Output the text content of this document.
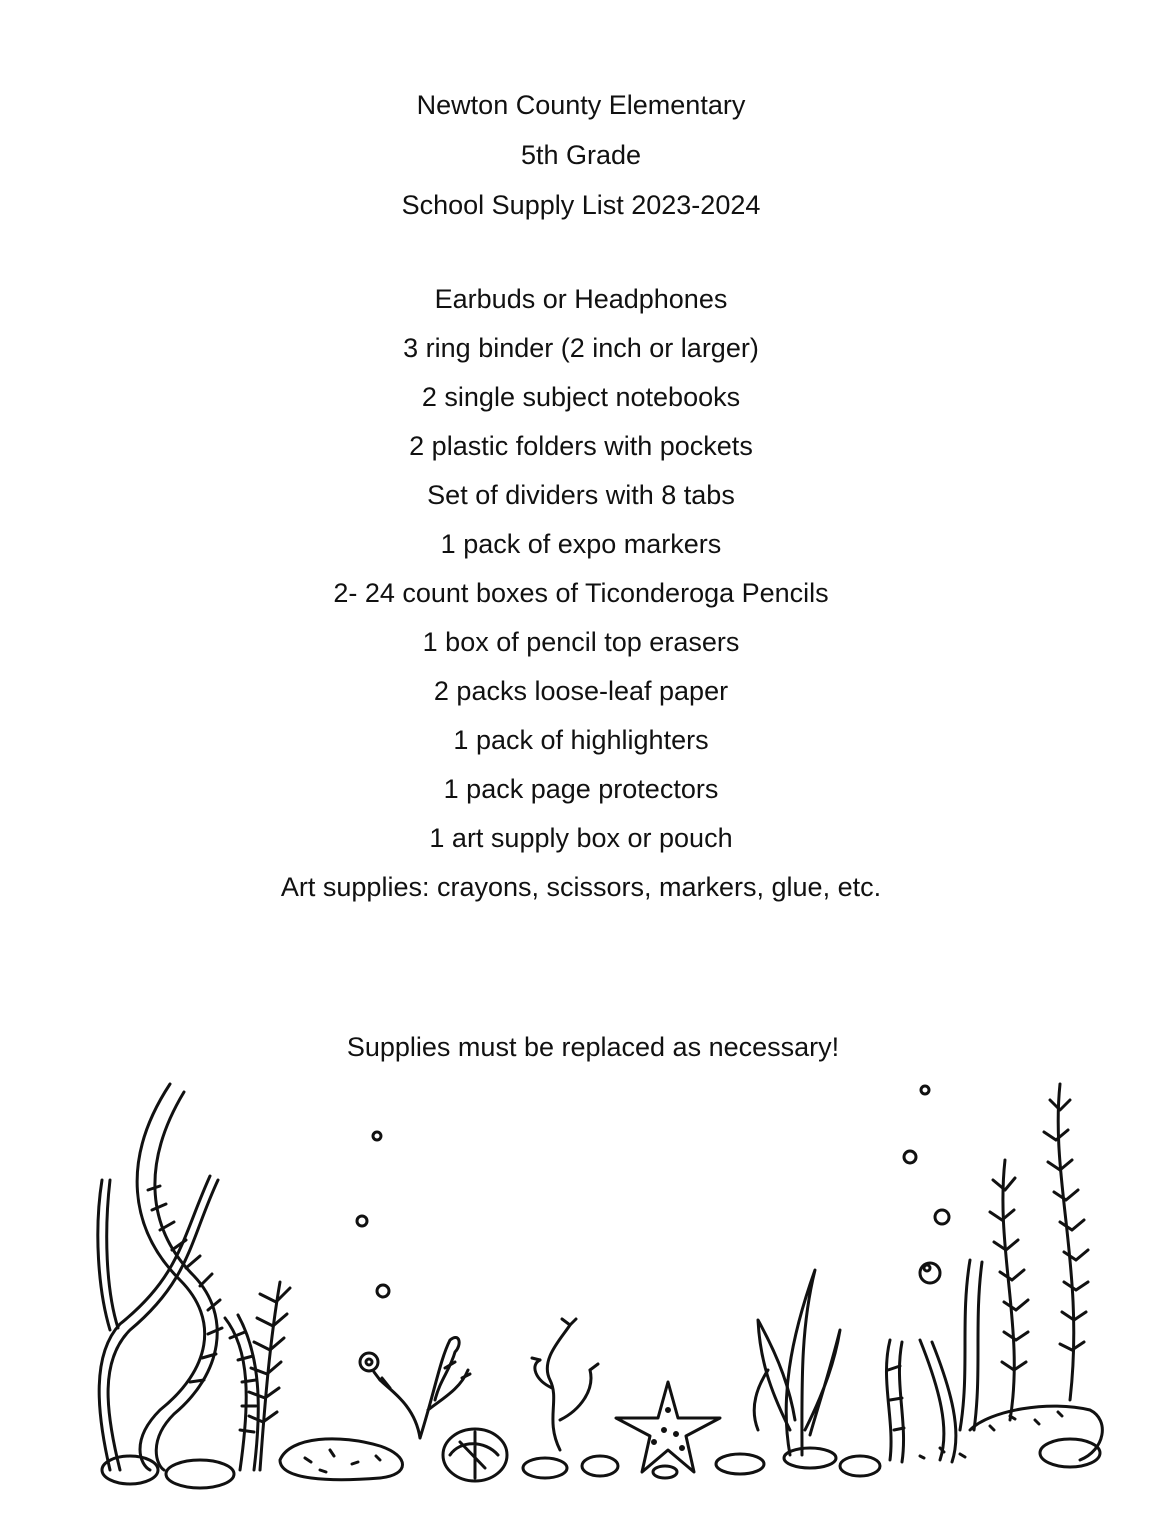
Newton County Elementary
5th Grade
School Supply List 2023-2024
Earbuds or Headphones
3 ring binder (2 inch or larger)
2 single subject notebooks
2 plastic folders with pockets
Set of dividers with 8 tabs
1 pack of expo markers
2- 24 count boxes of Ticonderoga Pencils
1 box of pencil top erasers
2 packs loose-leaf paper
1 pack of highlighters
1 pack page protectors
1 art supply box or pouch
Art supplies: crayons, scissors, markers, glue, etc.
Supplies must be replaced as necessary!
